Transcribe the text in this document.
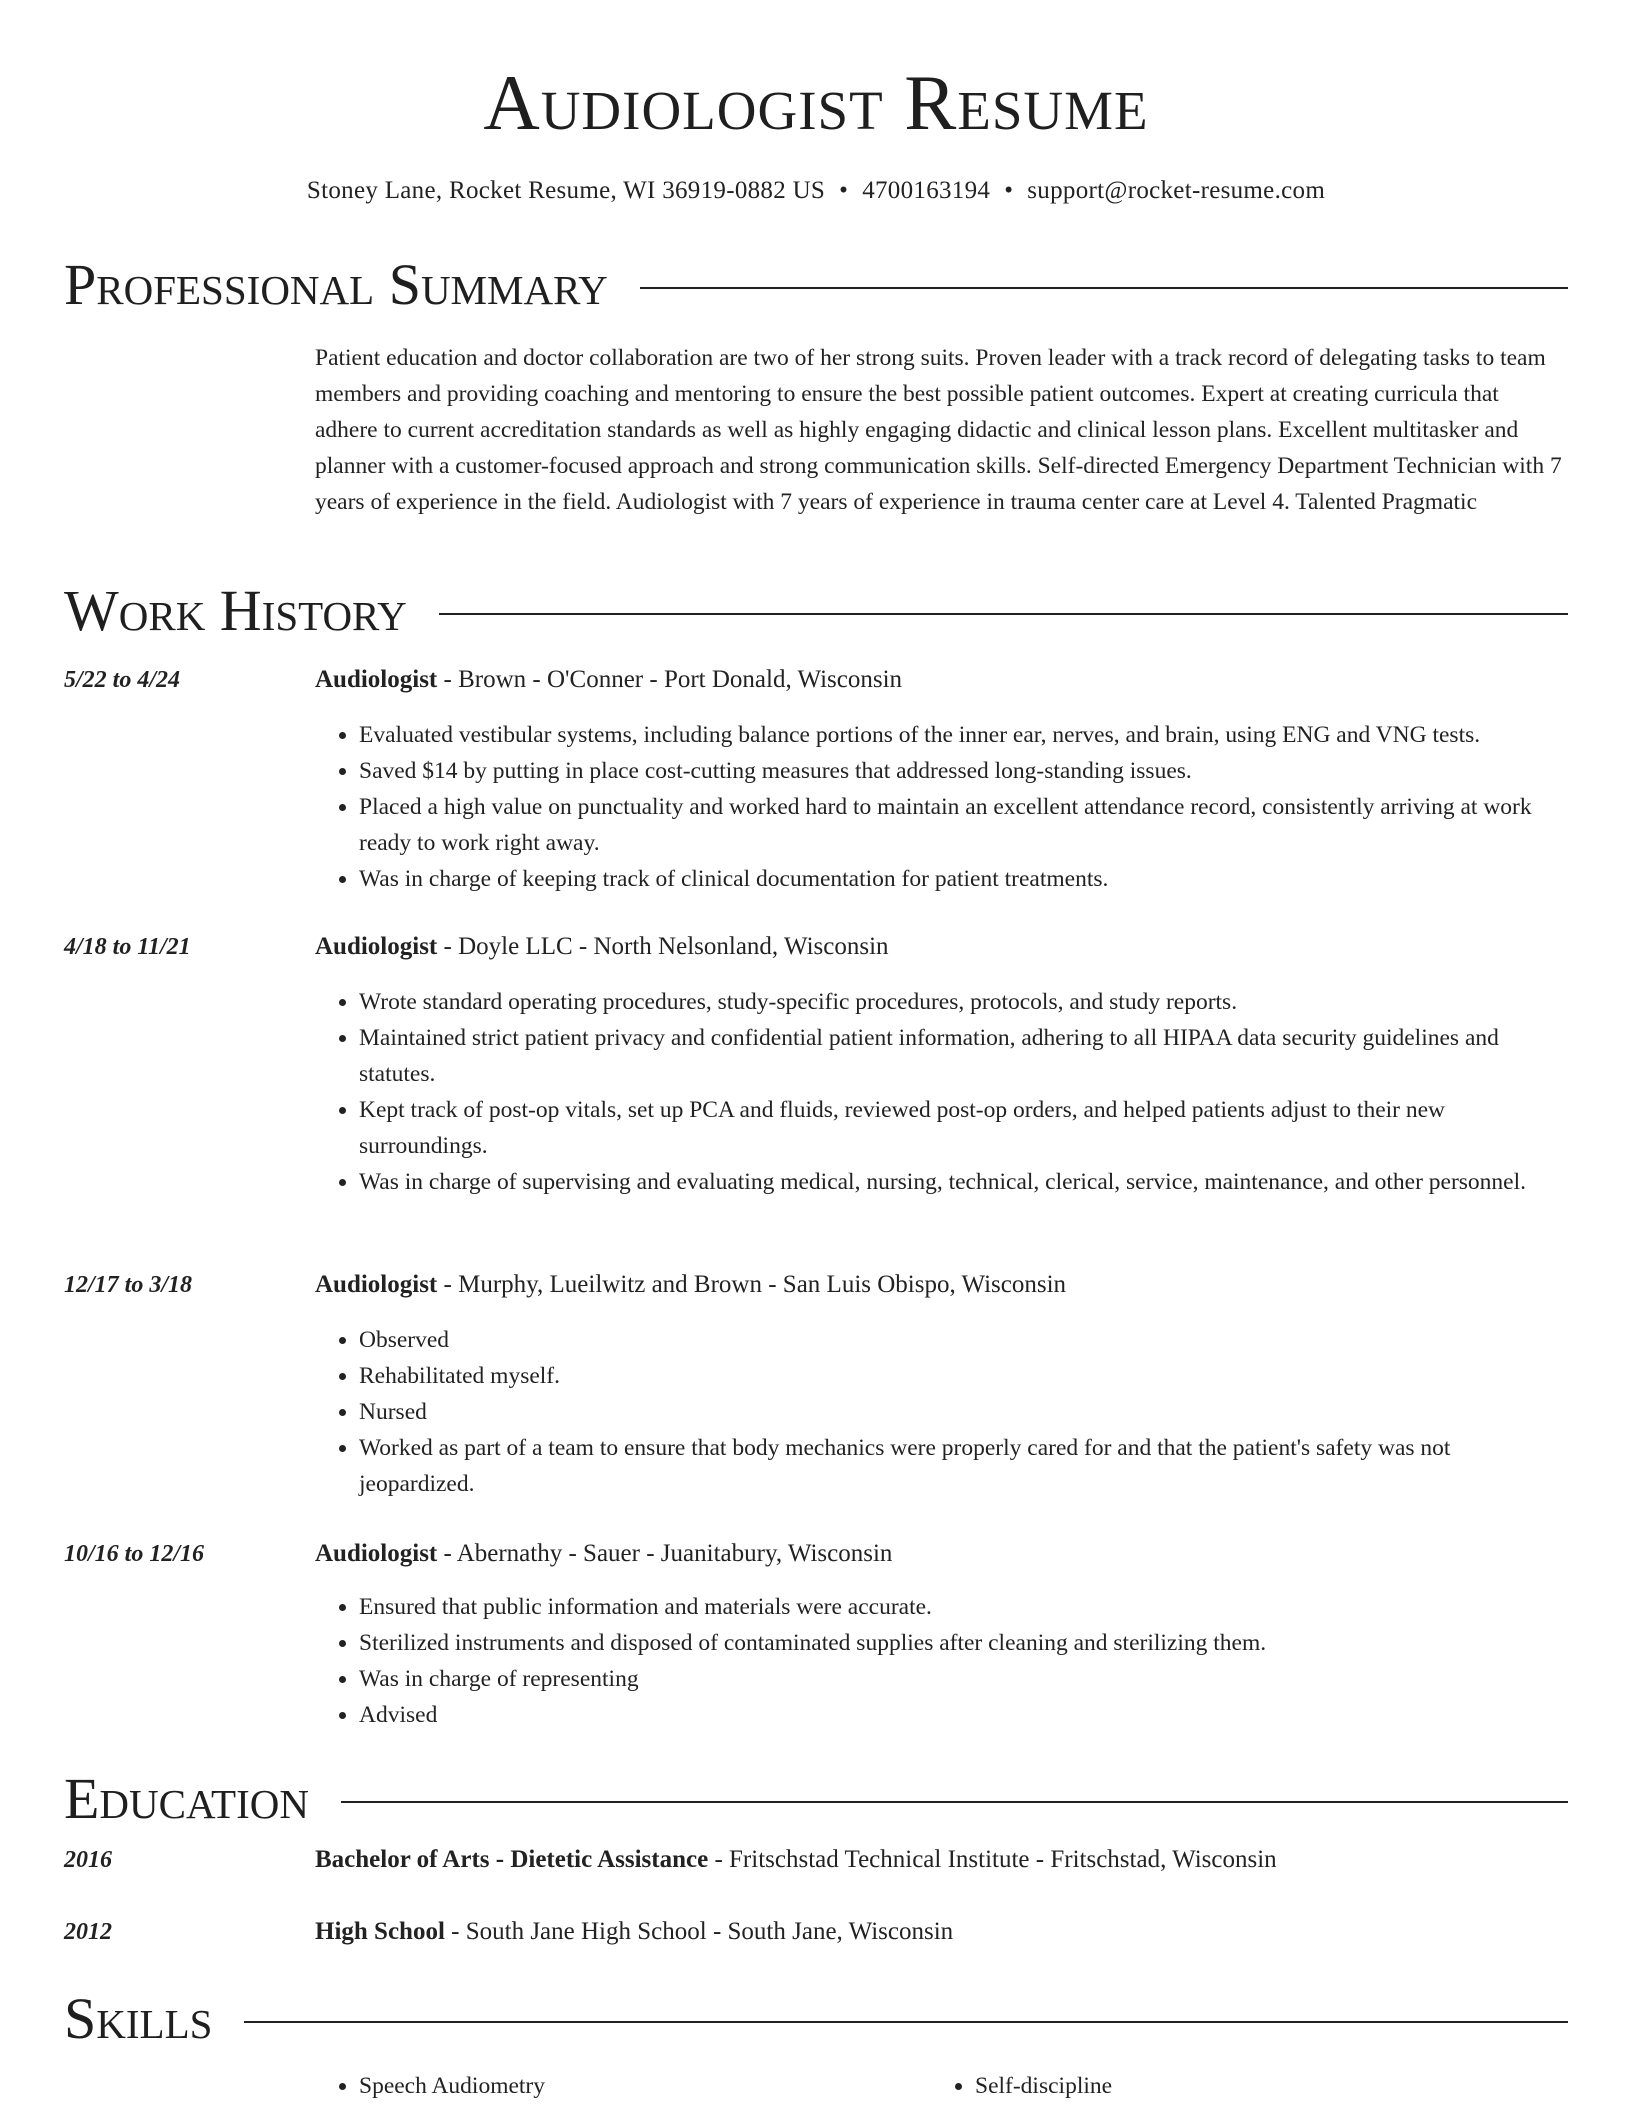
Audiologist Resume
Stoney Lane, Rocket Resume, WI 36919-0882 US • 4700163194 • support@rocket-resume.com
Professional Summary

Patient education and doctor collaboration are two of her strong suits. Proven leader with a track record of delegating tasks to team members and providing coaching and mentoring to ensure the best possible patient outcomes. Expert at creating curricula that adhere to current accreditation standards as well as highly engaging didactic and clinical lesson plans. Excellent multitasker and planner with a customer-focused approach and strong communication skills. Self-directed Emergency Department Technician with 7 years of experience in the field. Audiologist with 7 years of experience in trauma center care at Level 4. Talented Pragmatic

Work History
5/22 to 4/24	Audiologist - Brown - O'Conner - Port Donald, Wisconsin
• Evaluated vestibular systems, including balance portions of the inner ear, nerves, and brain, using ENG and VNG tests.
• Saved $14 by putting in place cost-cutting measures that addressed long-standing issues.
• Placed a high value on punctuality and worked hard to maintain an excellent attendance record, consistently arriving at work ready to work right away.
• Was in charge of keeping track of clinical documentation for patient treatments.
4/18 to 11/21	Audiologist - Doyle LLC - North Nelsonland, Wisconsin
• Wrote standard operating procedures, study-specific procedures, protocols, and study reports.
• Maintained strict patient privacy and confidential patient information, adhering to all HIPAA data security guidelines and statutes.
• Kept track of post-op vitals, set up PCA and fluids, reviewed post-op orders, and helped patients adjust to their new surroundings.
• Was in charge of supervising and evaluating medical, nursing, technical, clerical, service, maintenance, and other personnel.
12/17 to 3/18	Audiologist - Murphy, Lueilwitz and Brown - San Luis Obispo, Wisconsin
• Observed
• Rehabilitated myself.
• Nursed
• Worked as part of a team to ensure that body mechanics were properly cared for and that the patient's safety was not jeopardized.
10/16 to 12/16	Audiologist - Abernathy - Sauer - Juanitabury, Wisconsin
• Ensured that public information and materials were accurate.
• Sterilized instruments and disposed of contaminated supplies after cleaning and sterilizing them.
• Was in charge of representing
• Advised
Education
2016	Bachelor of Arts - Dietetic Assistance - Fritschstad Technical Institute - Fritschstad, Wisconsin
2012	High School - South Jane High School - South Jane, Wisconsin
Skills
• Speech Audiometry
•	Self-discipline
